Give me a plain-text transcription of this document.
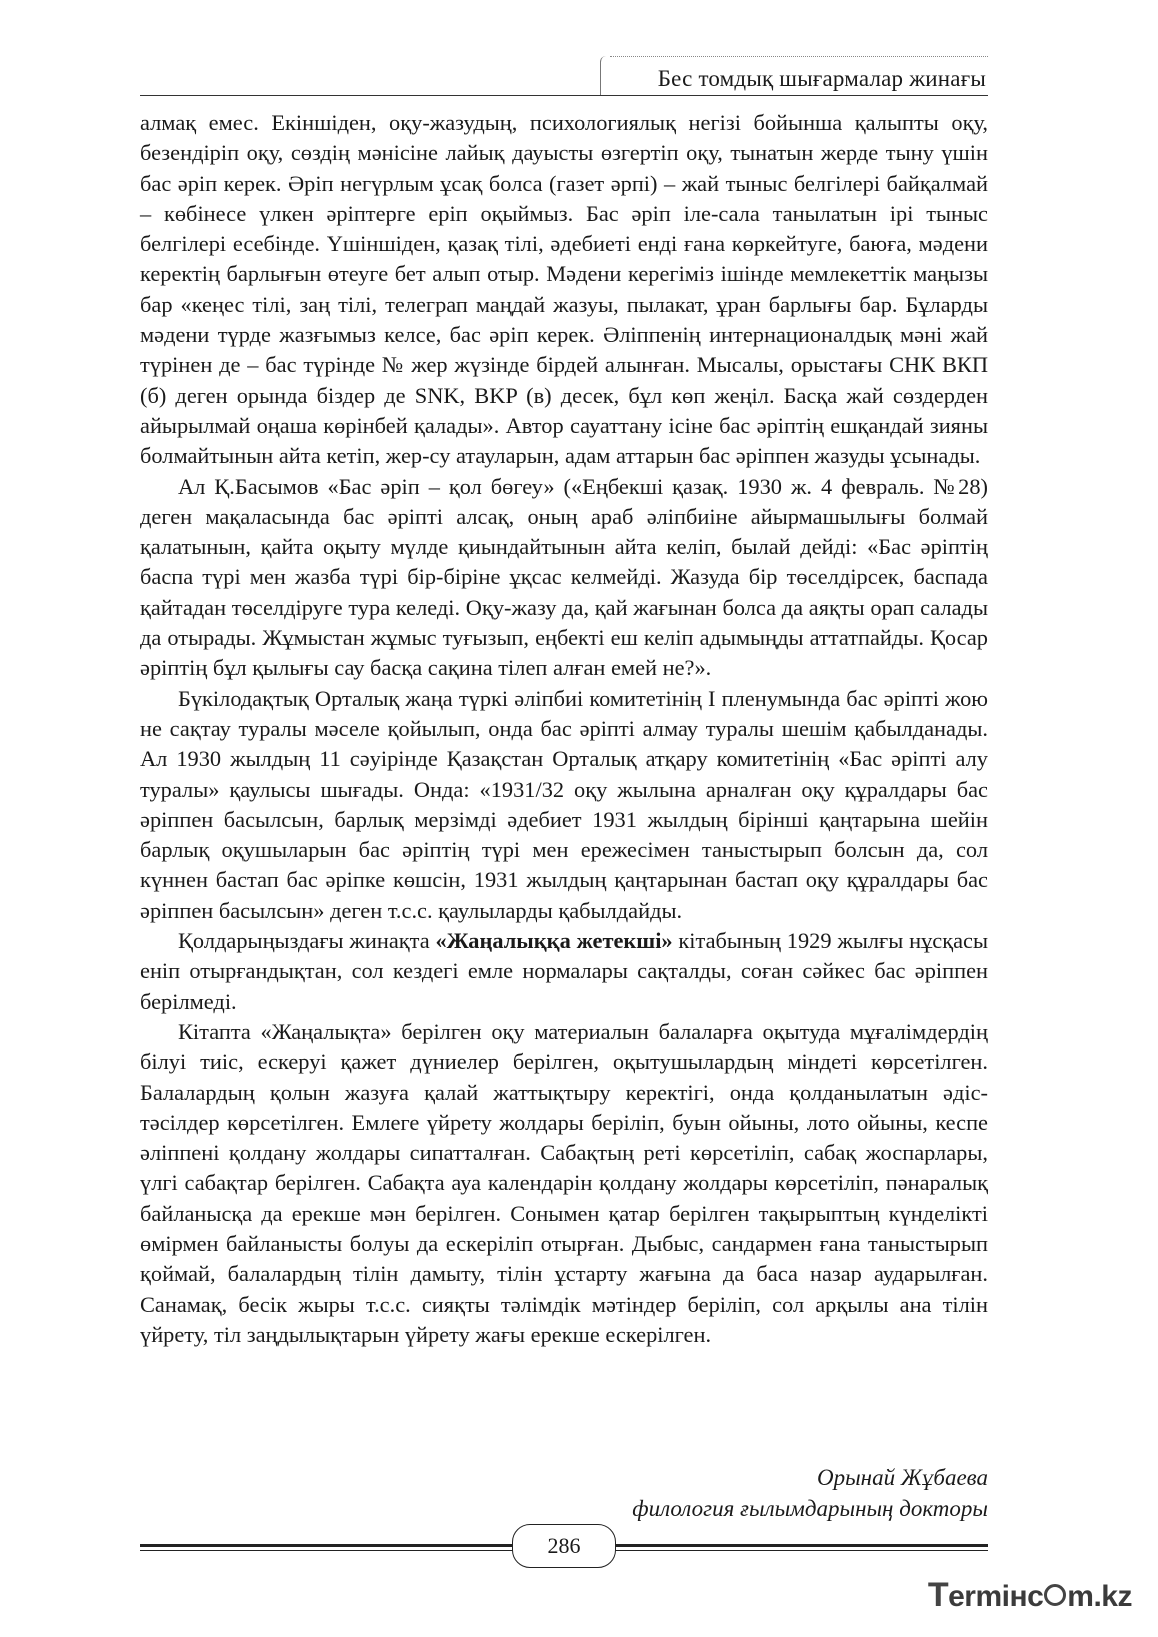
Бес томдық шығармалар жинағы

алмақ емес. Екіншіден, оқу-жазудың, психологиялық негізі бойынша қалыпты оқу, безендіріп оқу, сөздің мәнісіне лайық дауысты өзгертіп оқу, тынатын жерде тыну үшін бас әріп керек. Әріп негүрлым ұсақ болса (газет әрпі) – жай тыныс белгілері байқалмай – көбінесе үлкен әріптерге еріп оқыймыз. Бас әріп іле-сала танылатын ірі тыныс белгілері есебінде. Үшіншіден, қазақ тілі, әдебиеті енді ғана көркейтуге, баюға, мәдени керектің барлығын өтеуге бет алып отыр. Мәдени керегіміз ішінде мемлекеттік маңызы бар «кеңес тілі, заң тілі, телеграп маңдай жазуы, пылакат, ұран барлығы бар. Бұларды мәдени түрде жазғымыз келсе, бас әріп керек. Әліппенің интернационалдық мәні жай түрінен де – бас түрінде № жер жүзінде бірдей алынған. Мысалы, орыстағы СНК ВКП (б) деген орында біздер де SNK, BKP (в) десек, бұл көп жеңіл. Басқа жай сөздерден айырылмай оңаша көрінбей қалады». Автор сауаттану ісіне бас әріптің ешқандай зияны болмайтынын айта кетіп, жер-су атауларын, адам аттарын бас әріппен жазуды ұсынады.

Ал Қ.Басымов «Бас әріп – қол бөгеу» («Еңбекші қазақ. 1930 ж. 4 февраль. №28) деген мақаласында бас әріпті алсақ, оның араб әліпбиіне айырмашылығы болмай қалатынын, қайта оқыту мүлде қиындайтынын айта келіп, былай дейді: «Бас әріптің баспа түрі мен жазба түрі бір-біріне ұқсас келмейді. Жазуда бір төселдірсек, баспада қайтадан төселдіруге тура келеді. Оқу-жазу да, қай жағынан болса да аяқты орап салады да отырады. Жұмыстан жұмыс туғызып, еңбекті еш келіп адымыңды аттатпайды. Қосар әріптің бұл қылығы сау басқа сақина тілеп алған емей не?».

Бүкілодақтық Орталық жаңа түркі әліпбиі комитетінің І пленумында бас әріпті жою не сақтау туралы мәселе қойылып, онда бас әріпті алмау туралы шешім қабылданады. Ал 1930 жылдың 11 сәуірінде Қазақстан Орталық атқару комитетінің «Бас әріпті алу туралы» қаулысы шығады. Онда: «1931/32 оқу жылына арналған оқу құралдары бас әріппен басылсын, барлық мерзімді әдебиет 1931 жылдың бірінші қаңтарына шейін барлық оқушыларын бас әріптің түрі мен ережесімен таныстырып болсын да, сол күннен бастап бас әріпке көшсін, 1931 жылдың қаңтарынан бастап оқу құралдары бас әріппен басылсын» деген т.с.с. қаулыларды қабылдайды.

Қолдарыңыздағы жинақта «Жаңалыққа жетекші» кітабының 1929 жылғы нұсқасы еніп отырғандықтан, сол кездегі емле нормалары сақталды, соған сәйкес бас әріппен берілмеді.

Кітапта «Жаңалықта» берілген оқу материалын балаларға оқытуда мұғалімдердің білуі тиіс, ескеруі қажет дүниелер берілген, оқытушылардың міндеті көрсетілген. Балалардың қолын жазуға қалай жаттықтыру керектігі, онда қолданылатын әдіс-тәсілдер көрсетілген. Емлеге үйрету жолдары беріліп, буын ойыны, лото ойыны, кеспе әліппені қолдану жолдары сипатталған. Сабақтың реті көрсетіліп, сабақ жоспарлары, үлгі сабақтар берілген. Сабақта ауа календарін қолдану жолдары көрсетіліп, пәнаралық байланысқа да ерекше мән берілген. Сонымен қатар берілген тақырыптың күнделікті өмірмен байланысты болуы да ескеріліп отырған. Дыбыс, сандармен ғана таныстырып қоймай, балалардың тілін дамыту, тілін ұстарту жағына да баса назар аударылған. Санамақ, бесік жыры т.с.с. сияқты тәлімдік мәтіндер беріліп, сол арқылы ана тілін үйрету, тіл заңдылықтарын үйрету жағы ерекше ескерілген.

Орынай Жұбаева
филология ғылымдарының докторы
286
Termінc m.kz
